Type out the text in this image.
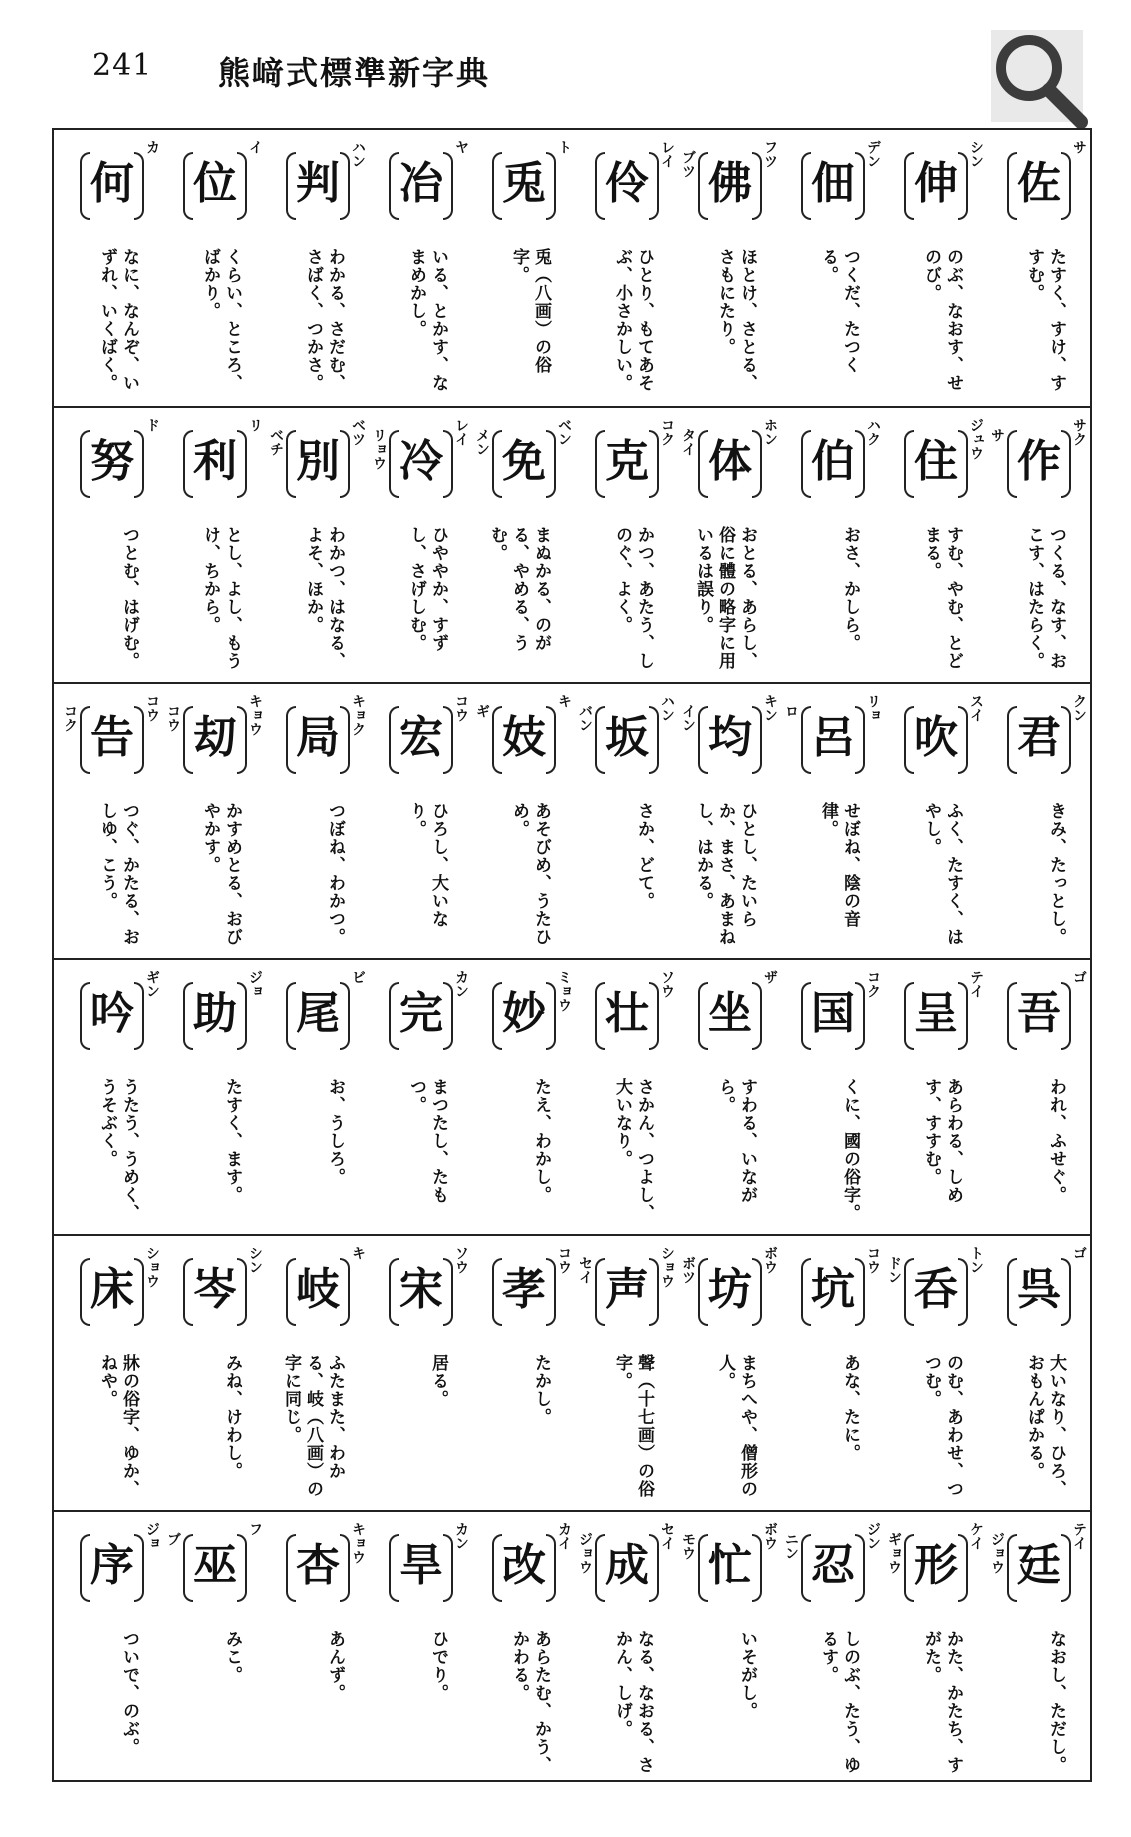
241 熊﨑式標準新字典
佐
サ
たすく、すけ、すすむ。
伸
シン
のぶ、なおす、せのび。
佃
デン
つくだ、たつくる。
佛
フツ
ブツ
ほとけ、さとる、さもにたり。
伶
レイ
ひとり、もてあそぶ、小さかしい。
兎
ト
兎（八画）の俗字。
冶
ヤ
いる、とかす、なまめかし。
判
ハン
わかる、さだむ、さばく、つかさ。
位
イ
くらい、ところ、ばかり。
何
カ
なに、なんぞ、いずれ、いくばく。
作
サク
サ
つくる、なす、おこす、はたらく。
住 ジュウ
すむ、やむ、とどまる。
伯
ハク
おさ、かしら。
体
ホン
タイ
おとる、あらし、俗に體の略字に用いるは誤り。
克
コク
かつ、あたう、しのぐ、よく。
免
ベン
メン
まぬかる、のがる、やめる、うむ。
冷
レイ
リョウ
ひややか、すずし、さげしむ。
別
ベツ
ベチ
わかつ、はなる、よそ、ほか。
利
リ
とし、よし、もうけ、ちから。
努
ド
つとむ、はげむ。
君
クン
きみ、たっとし。
吹
スイ
ふく、たすく、はやし。
呂
リョ
ロ
せぼね、陰の音律。
均
キン
イン
ひとし、たいらか、まさ、あまねし、はかる。
坂
ハン
バン
さか、どて。
妓
キ
ギ
あそびめ、うたひめ。
宏
コウ
ひろし、大いなり。
局 キョク
つぼね、わかつ。
刧 キョウ
コウ
かすめとる、おびやかす。
告
コウ
コク
つぐ、かたる、おしゆ、こう。
吾
ゴ
われ、ふせぐ。
呈
テイ
あらわる、しめす、すすむ。
国
コク
くに、國の俗字。
坐
ザ
すわる、いながら。
壮
ソウ
さかん、つよし、大いなり。
妙 ミョウ
たえ、わかし。
完
カン
まつたし、たもつ。
尾
ビ
お、うしろ。
助
ジョ
たすく、ます。
吟
ギン
うたう、うめく、うそぶく。
呉
ゴ
大いなり、ひろ、おもんぱかる。
呑
トン
ドン
のむ、あわせ、つつむ。
坑
コウ
あな、たに。
坊
ボウ
ボツ
まちへや、僧形の人。
声 ショウ
セイ
聲（十七画）の俗字。
孝
コウ
たかし。
宋
ソウ
居る。
岐
キ
ふたまた、わかる、岐（八画）の字に同じ。
岑
シン
みね、けわし。
床 ショウ
牀の俗字、ゆか、ねや。
廷
テイ
ジョウ
なおし、ただし。
形
ケイ
ギョウ
かた、かたち、すがた。
忍
ジン
ニン
しのぶ、たう、ゆるす。
忙
ボウ
モウ
いそがし。
成
セイ
ジョウ
なる、なおる、さかん、しげ。
改
カイ
あらたむ、かう、かわる。
旱
カン
ひでり。
杏 キョウ
あんず。
巫
フ
ブ
みこ。
序
ジョ
ついで、のぶ。
